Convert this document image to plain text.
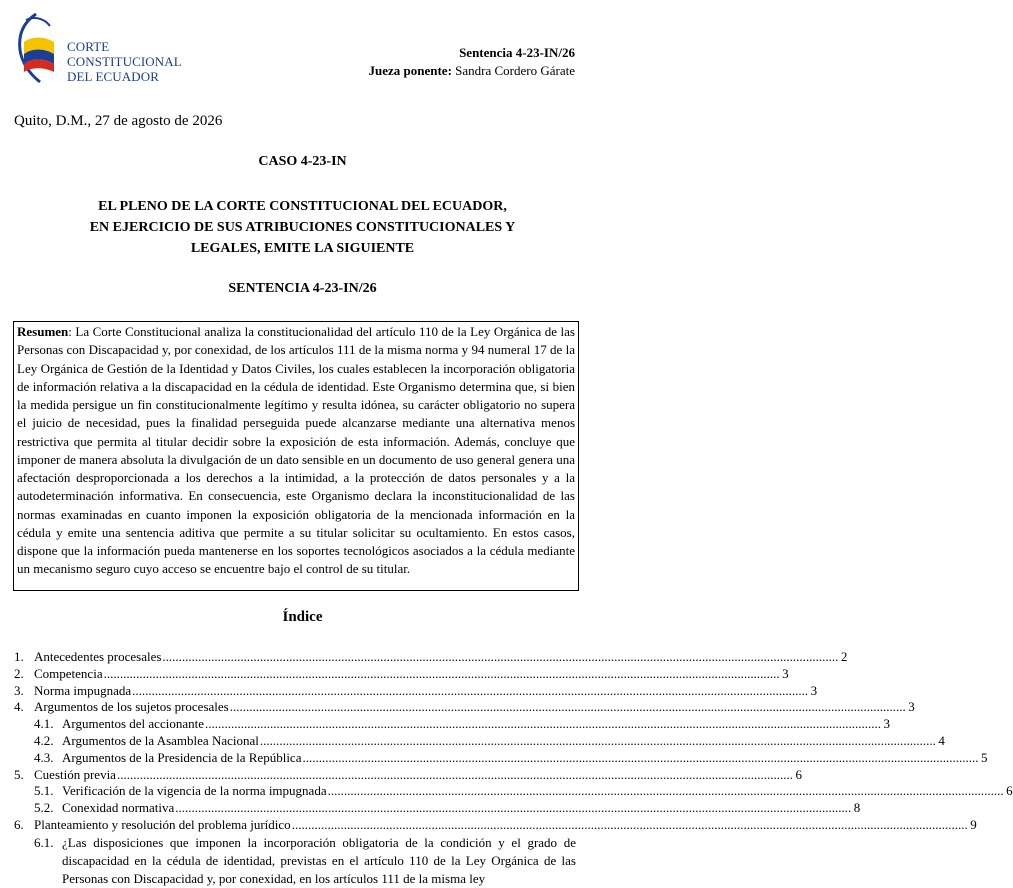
CORTE
CONSTITUCIONAL
DEL ECUADOR
Sentencia 4-23-IN/26
Jueza ponente: Sandra Cordero Gárate
Quito, D.M., 27 de agosto de 2026
CASO 4-23-IN
EL PLENO DE LA CORTE CONSTITUCIONAL DEL ECUADOR,
EN EJERCICIO DE SUS ATRIBUCIONES CONSTITUCIONALES Y
LEGALES, EMITE LA SIGUIENTE
SENTENCIA 4-23-IN/26
Resumen: La Corte Constitucional analiza la constitucionalidad del artículo 110 de la Ley Orgánica de las Personas con Discapacidad y, por conexidad, de los artículos 111 de la misma norma y 94 numeral 17 de la Ley Orgánica de Gestión de la Identidad y Datos Civiles, los cuales establecen la incorporación obligatoria de información relativa a la discapacidad en la cédula de identidad. Este Organismo determina que, si bien la medida persigue un fin constitucionalmente legítimo y resulta idónea, su carácter obligatorio no supera el juicio de necesidad, pues la finalidad perseguida puede alcanzarse mediante una alternativa menos restrictiva que permita al titular decidir sobre la exposición de esta información. Además, concluye que imponer de manera absoluta la divulgación de un dato sensible en un documento de uso general genera una afectación desproporcionada a los derechos a la intimidad, a la protección de datos personales y a la autodeterminación informativa. En consecuencia, este Organismo declara la inconstitucionalidad de las normas examinadas en cuanto imponen la exposición obligatoria de la mencionada información en la cédula y emite una sentencia aditiva que permite a su titular solicitar su ocultamiento. En estos casos, dispone que la información pueda mantenerse en los soportes tecnológicos asociados a la cédula mediante un mecanismo seguro cuyo acceso se encuentre bajo el control de su titular.
Índice
1. Antecedentes procesales .....	2
2. Competencia .....	3
3. Norma impugnada .....	3
4. Argumentos de los sujetos procesales .....	3
4.1. Argumentos del accionante .....	3
4.2. Argumentos de la Asamblea Nacional .....	4
4.3. Argumentos de la Presidencia de la República .....	5
5. Cuestión previa .....	6
5.1. Verificación de la vigencia de la norma impugnada .....	6
5.2. Conexidad normativa .....	8
6. Planteamiento y resolución del problema jurídico .....	9
6.1. ¿Las disposiciones que imponen la incorporación obligatoria de la condición y el grado de discapacidad en la cédula de identidad, previstas en el artículo 110 de la Ley Orgánica de las Personas con Discapacidad y, por conexidad, en los artículos 111 de la misma ley
